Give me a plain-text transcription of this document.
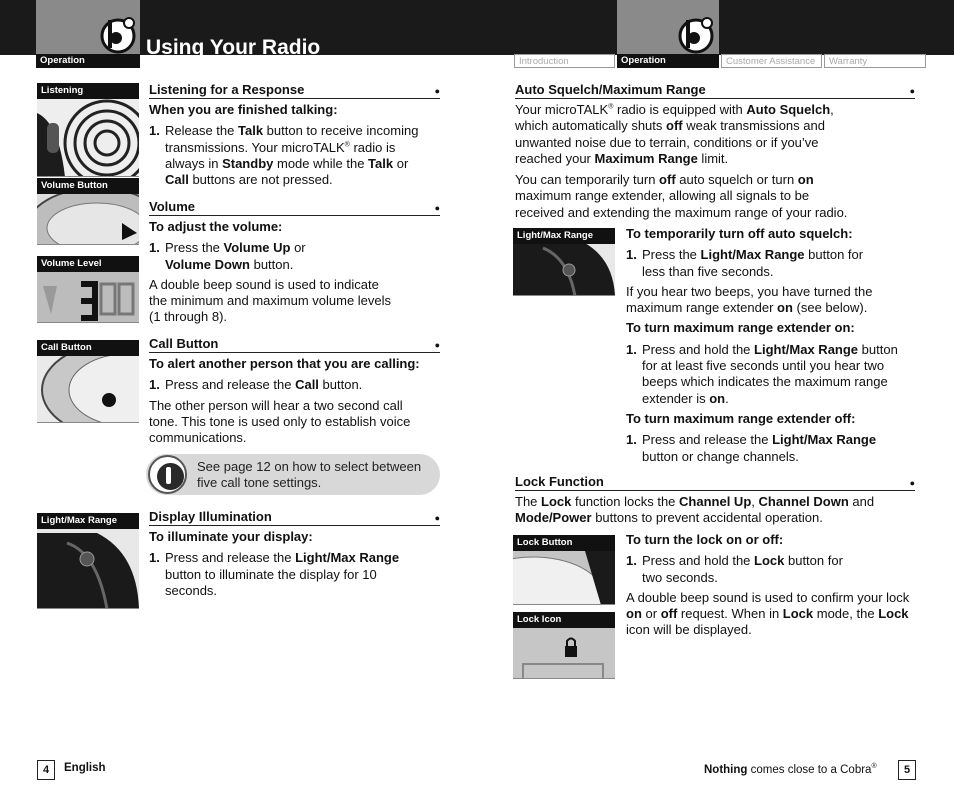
Operation
Using Your Radio
Introduction	Operation	Customer Assistance	Warranty
Listening
Volume Button
Volume Level
Call Button
Light/Max Range
Listening for a Response	●
When you are finished talking:
1. Release the Talk button to receive incoming transmissions. Your microTALK® radio is always in Standby mode while the Talk or Call buttons are not pressed.
Volume	●
To adjust the volume:
1. Press the Volume Up or Volume Down button.
A double beep sound is used to indicate the minimum and maximum volume levels (1 through 8).
Call Button	●
To alert another person that you are calling:
1. Press and release the Call button.
The other person will hear a two second call tone. This tone is used only to establish voice communications.
See page 12 on how to select between five call tone settings.
Display Illumination	●
To illuminate your display:
1. Press and release the Light/Max Range button to illuminate the display for 10 seconds.
Auto Squelch/Maximum Range	●
Your microTALK® radio is equipped with Auto Squelch, which automatically shuts off weak transmissions and unwanted noise due to terrain, conditions or if you’ve reached your Maximum Range limit.
You can temporarily turn off auto squelch or turn on maximum range extender, allowing all signals to be received and extending the maximum range of your radio.
Light/Max Range	To temporarily turn off auto squelch:
1. Press the Light/Max Range button for less than five seconds.
If you hear two beeps, you have turned the maximum range extender on (see below).
To turn maximum range extender on:
1. Press and hold the Light/Max Range button for at least five seconds until you hear two beeps which indicates the maximum range extender is on.
To turn maximum range extender off:
1. Press and release the Light/Max Range button or change channels.
Lock Function	●
The Lock function locks the Channel Up, Channel Down and Mode/Power buttons to prevent accidental operation.
Lock Button
Lock Icon
To turn the lock on or off:
1. Press and hold the Lock button for two seconds.
A double beep sound is used to confirm your lock on or off request. When in Lock mode, the Lock icon will be displayed.
4	English	Nothing comes close to a Cobra®	5
